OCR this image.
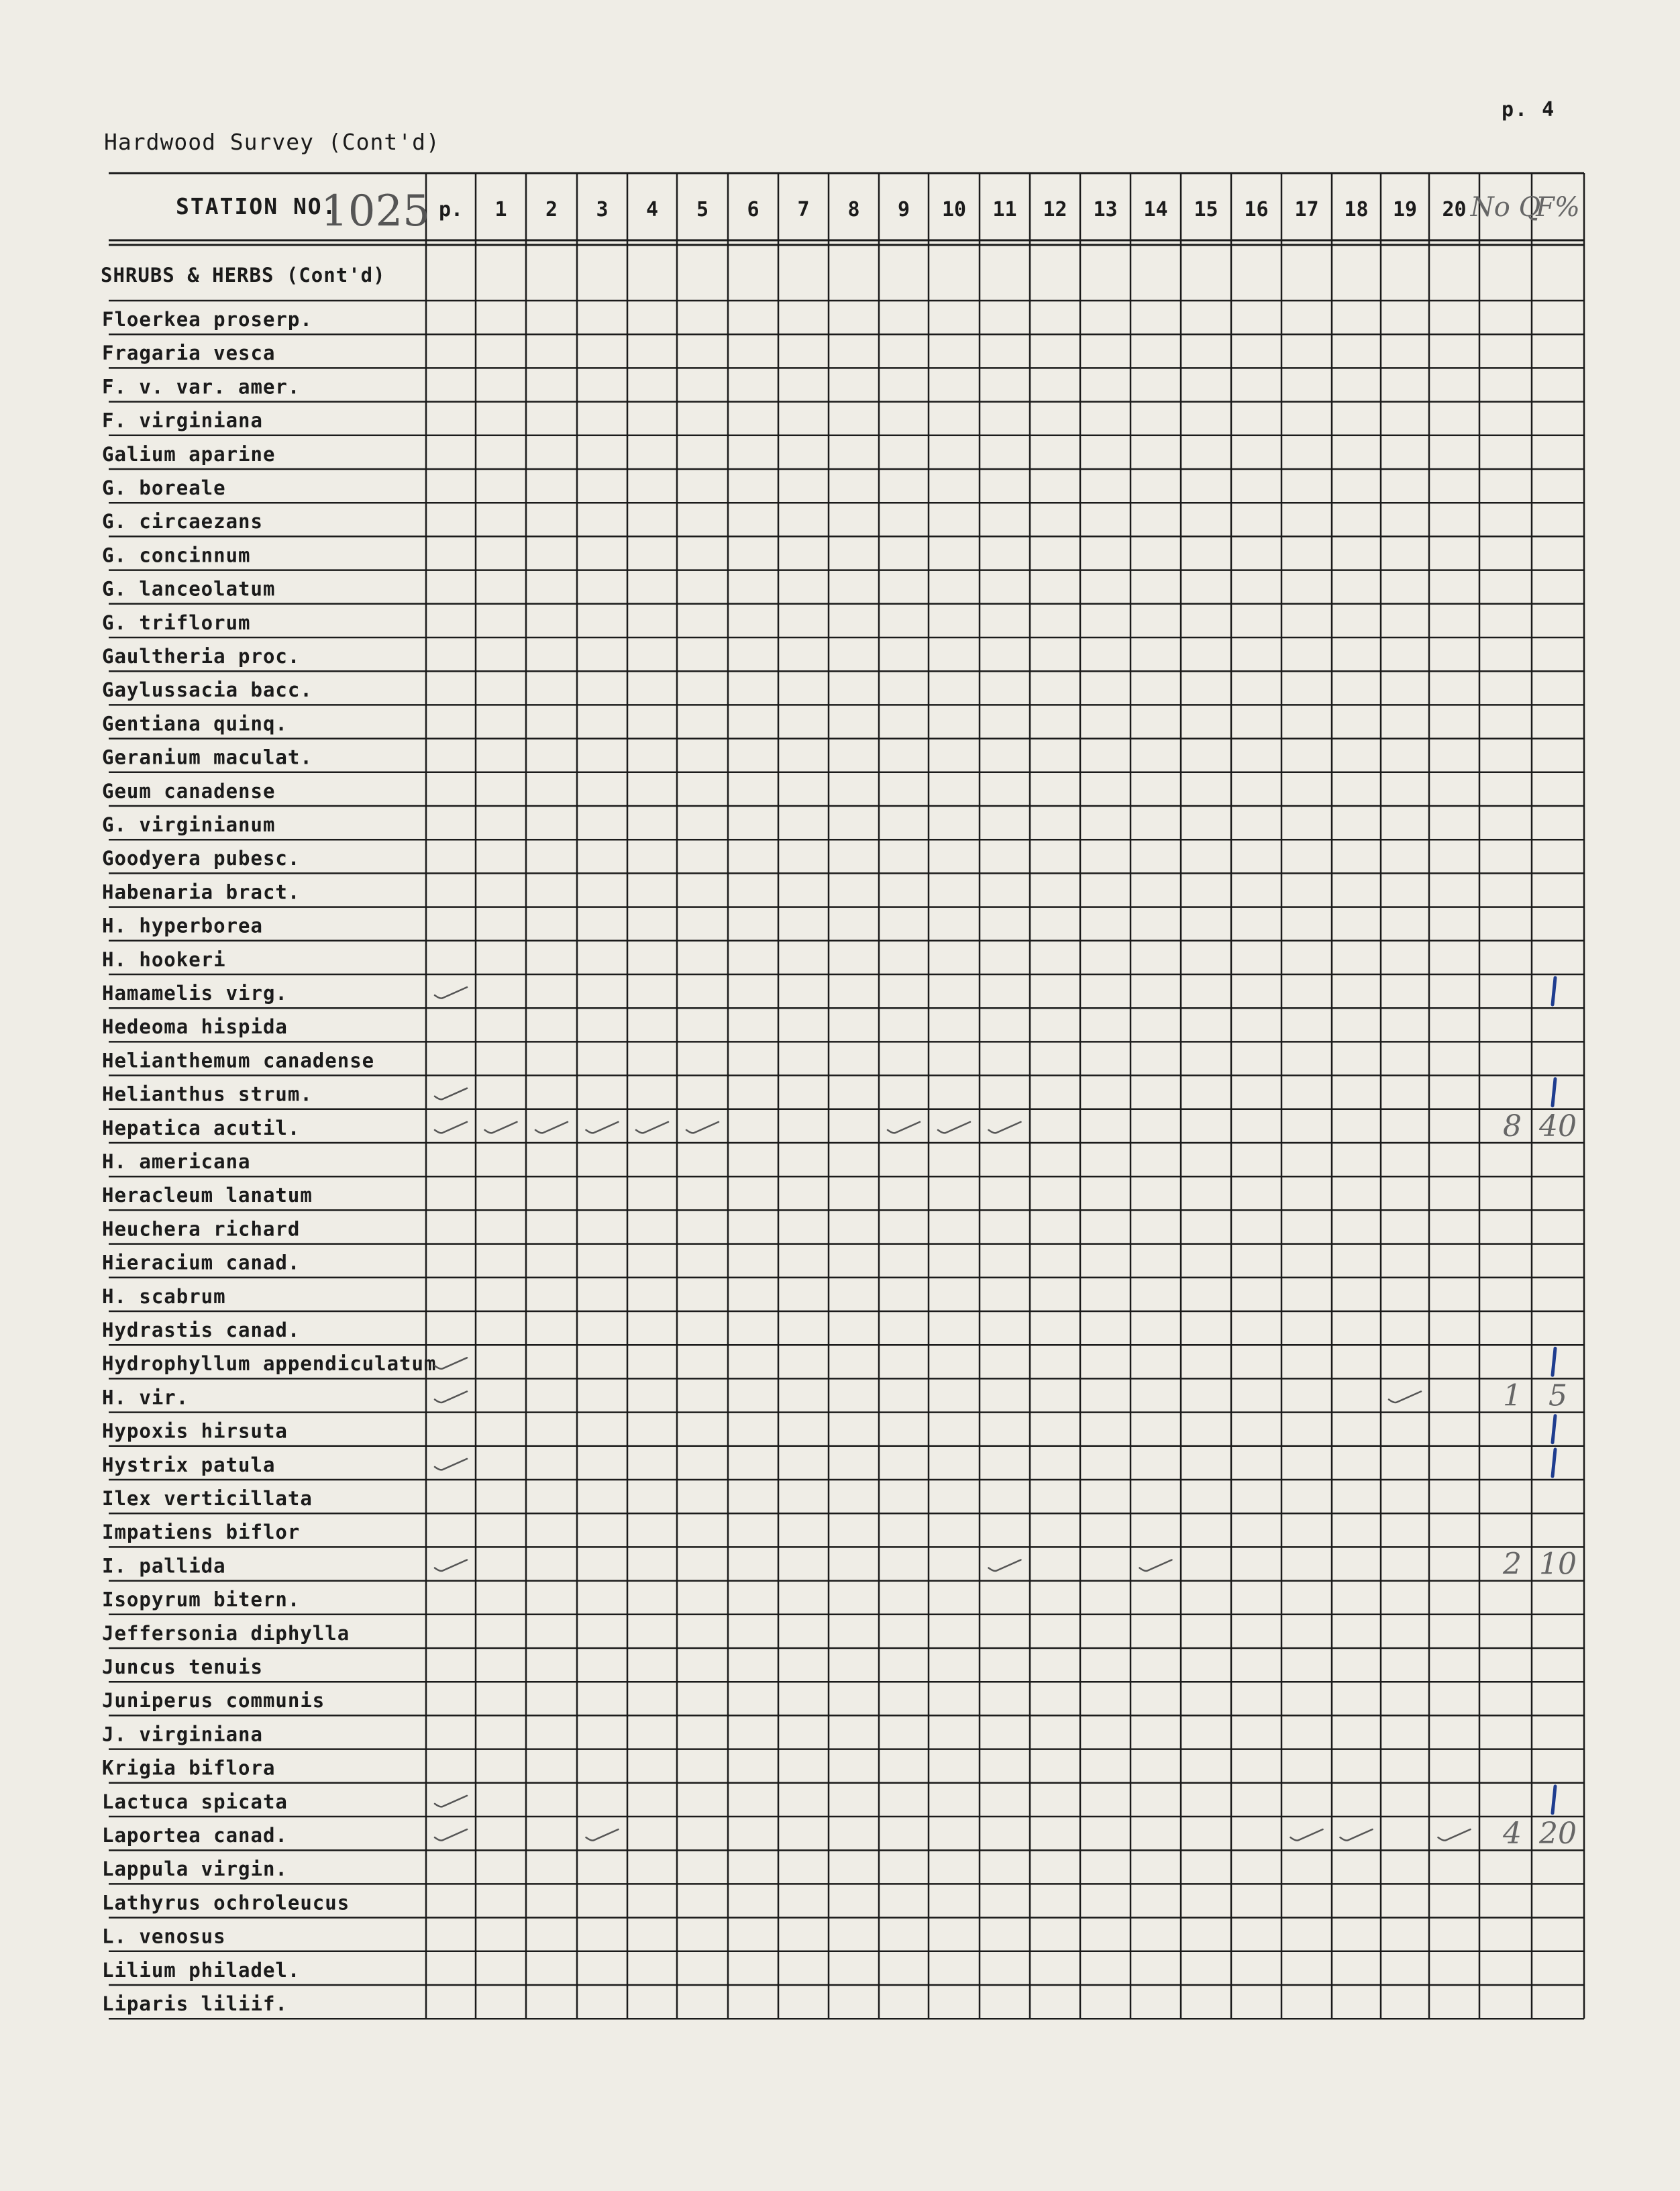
p. 4
Hardwood Survey (Cont'd)
STATION NO.
1025 p. 1 2 3 4 5 6 7 8 9 10 11 12 13 14 15 16 17 18 19 20 No Q
F%
SHRUBS & HERBS (Cont'd)
Floerkea proserp.
Fragaria vesca
F. v. var. amer.
F. virginiana
Galium aparine
G. boreale
G. circaezans
G. concinnum
G. lanceolatum
G. triflorum
Gaultheria proc.
Gaylussacia bacc.
Gentiana quinq.
Geranium maculat.
Geum canadense
G. virginianum
Goodyera pubesc.
Habenaria bract.
H. hyperborea
H. hookeri
Hamamelis virg.
Hedeoma hispida
Helianthemum canadense
Helianthus strum.
Hepatica acutil.
H. americana
Heracleum lanatum
Heuchera richard
Hieracium canad.
H. scabrum
Hydrastis canad.
Hydrophyllum appendiculatum
H. vir.
Hypoxis hirsuta
Hystrix patula
Ilex verticillata
Impatiens biflor
I. pallida
Isopyrum bitern.
Jeffersonia diphylla
Juncus tenuis
Juniperus communis
J. virginiana
Krigia biflora
Lactuca spicata
Laportea canad.
Lappula virgin.
Lathyrus ochroleucus
L. venosus
Lilium philadel.
Liparis liliif.
8 40
1 5
2 10
4 20
